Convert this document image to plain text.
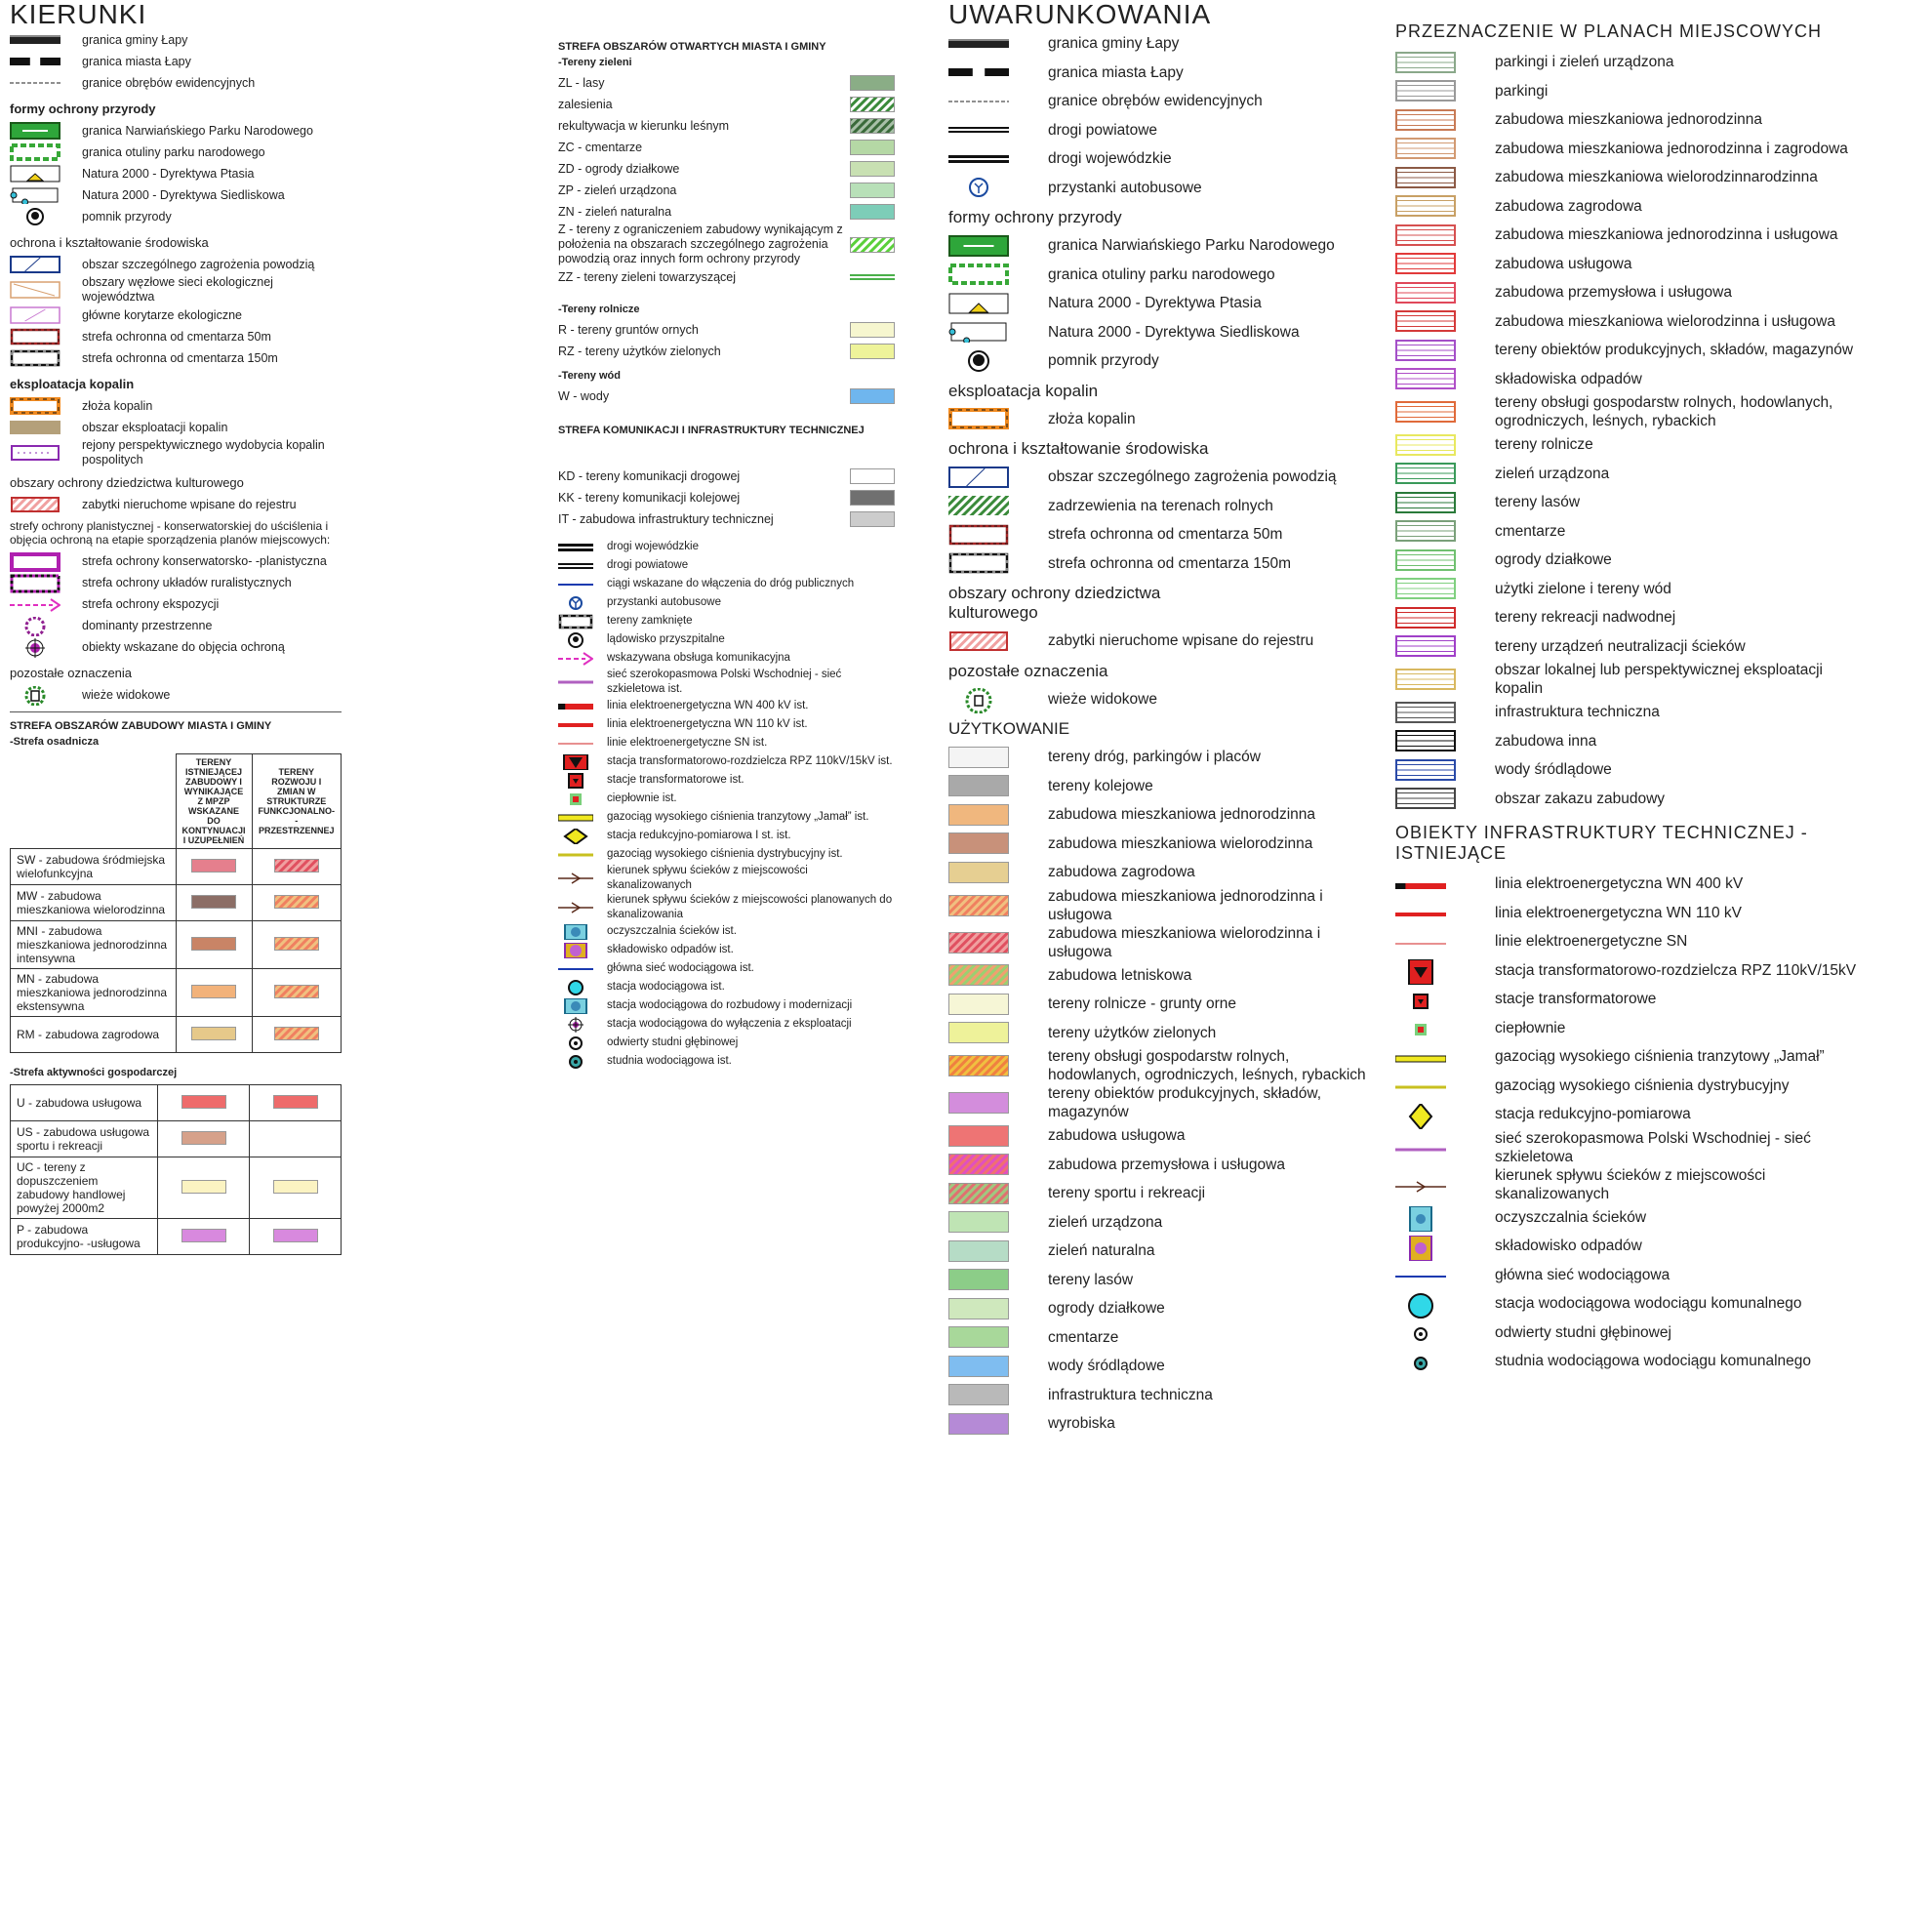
KIERUNKI
granica gminy Łapy
granica miasta Łapy
granice obrębów ewidencyjnych
formy ochrony przyrody
granica Narwiańskiego Parku Narodowego
granica otuliny parku narodowego
Natura 2000 - Dyrektywa Ptasia
Natura 2000 - Dyrektywa Siedliskowa
pomnik przyrody
ochrona i kształtowanie środowiska
obszar szczególnego zagrożenia powodzią
obszary węzłowe sieci ekologicznej województwa
główne korytarze ekologiczne
strefa ochronna od cmentarza 50m
strefa ochronna od cmentarza 150m
eksploatacja kopalin
złoża kopalin
obszar eksploatacji kopalin
rejony perspektywicznego wydobycia kopalin pospolitych
obszary ochrony dziedzictwa kulturowego
zabytki nieruchome wpisane do rejestru
strefy ochrony planistycznej - konserwatorskiej do uściślenia i objęcia ochroną na etapie sporządzenia planów miejscowych:
strefa ochrony konserwatorsko- -planistyczna
strefa ochrony układów ruralistycznych
strefa ochrony ekspozycji
dominanty przestrzenne
obiekty wskazane do objęcia ochroną
pozostałe oznaczenia
wieże widokowe
STREFA OBSZARÓW ZABUDOWY MIASTA I GMINY
-Strefa osadnicza
	TERENY ISTNIEJĄCEJ ZABUDOWY I WYNIKAJĄCE Z MPZP WSKAZANE DO KONTYNUACJI I UZUPEŁNIEŃ	TERENY ROZWOJU I ZMIAN W STRUKTURZE FUNKCJONALNO- -PRZESTRZENNEJ
SW - zabudowa śródmiejska wielofunkcyjna		
MW - zabudowa mieszkaniowa wielorodzinna		
MNI - zabudowa mieszkaniowa jednorodzinna intensywna		
MN - zabudowa mieszkaniowa jednorodzinna ekstensywna		
RM - zabudowa zagrodowa		
-Strefa aktywności gospodarczej
U - zabudowa usługowa		
US - zabudowa usługowa sportu i rekreacji		
UC - tereny z dopuszczeniem zabudowy handlowej powyżej 2000m2		
P - zabudowa produkcyjno- -usługowa		
STREFA OBSZARÓW OTWARTYCH MIASTA I GMINY
-Tereny zieleni
ZL - lasy
zalesienia
rekultywacja w kierunku leśnym
ZC - cmentarze
ZD - ogrody działkowe
ZP - zieleń urządzona
ZN - zieleń naturalna
Z - tereny z ograniczeniem zabudowy wynikającym z położenia na obszarach szczególnego zagrożenia powodzią oraz innych form ochrony przyrody
ZZ - tereny zieleni towarzyszącej
-Tereny rolnicze
R - tereny gruntów ornych
RZ - tereny użytków zielonych
-Tereny wód
W - wody
STREFA KOMUNIKACJI I INFRASTRUKTURY TECHNICZNEJ
KD - tereny komunikacji drogowej
KK - tereny komunikacji kolejowej
IT - zabudowa infrastruktury technicznej
drogi wojewódzkie
drogi powiatowe
ciągi wskazane do włączenia do dróg publicznych
przystanki autobusowe
tereny zamknięte
lądowisko przyszpitalne
wskazywana obsługa komunikacyjna
sieć szerokopasmowa Polski Wschodniej - sieć szkieletowa ist.
linia elektroenergetyczna WN 400 kV ist.
linia elektroenergetyczna WN 110 kV ist.
linie elektroenergetyczne SN ist.
stacja transformatorowo-rozdzielcza RPZ 110kV/15kV ist.
stacje transformatorowe ist.
ciepłownie ist.
gazociąg wysokiego ciśnienia tranzytowy „Jamał” ist.
stacja redukcyjno-pomiarowa I st. ist.
gazociąg wysokiego ciśnienia dystrybucyjny ist.
kierunek spływu ścieków z miejscowości skanalizowanych
kierunek spływu ścieków z miejscowości planowanych do skanalizowania
oczyszczalnia ścieków ist.
składowisko odpadów ist.
główna sieć wodociągowa ist.
stacja wodociągowa ist.
stacja wodociągowa do rozbudowy i modernizacji
stacja wodociągowa do wyłączenia z eksploatacji
odwierty studni głębinowej
studnia wodociągowa ist.
UWARUNKOWANIA
granica gminy Łapy
granica miasta Łapy
granice obrębów ewidencyjnych
drogi powiatowe
drogi wojewódzkie
przystanki autobusowe
formy ochrony przyrody
granica Narwiańskiego Parku Narodowego
granica otuliny parku narodowego
Natura 2000 - Dyrektywa Ptasia
Natura 2000 - Dyrektywa Siedliskowa
pomnik przyrody
eksploatacja kopalin
złoża kopalin
ochrona i kształtowanie środowiska
obszar szczególnego zagrożenia powodzią
zadrzewienia na terenach rolnych
strefa ochronna od cmentarza 50m
strefa ochronna od cmentarza 150m
obszary ochrony dziedzictwa kulturowego
zabytki nieruchome wpisane do rejestru
pozostałe oznaczenia
wieże widokowe
UŻYTKOWANIE
tereny dróg, parkingów i placów
tereny kolejowe
zabudowa mieszkaniowa jednorodzinna
zabudowa mieszkaniowa wielorodzinna
zabudowa zagrodowa
zabudowa mieszkaniowa jednorodzinna i usługowa
zabudowa mieszkaniowa wielorodzinna i usługowa
zabudowa letniskowa
tereny rolnicze - grunty orne
tereny użytków zielonych
tereny obsługi gospodarstw rolnych, hodowlanych, ogrodniczych, leśnych, rybackich
tereny obiektów produkcyjnych, składów, magazynów
zabudowa usługowa
zabudowa przemysłowa i usługowa
tereny sportu i rekreacji
zieleń urządzona
zieleń naturalna
tereny lasów
ogrody działkowe
cmentarze
wody śródlądowe
infrastruktura techniczna
wyrobiska
PRZEZNACZENIE W PLANACH MIEJSCOWYCH
parkingi i zieleń urządzona
parkingi
zabudowa mieszkaniowa jednorodzinna
zabudowa mieszkaniowa jednorodzinna i zagrodowa
zabudowa mieszkaniowa wielorodzinnarodzinna
zabudowa zagrodowa
zabudowa mieszkaniowa jednorodzinna i usługowa
zabudowa usługowa
zabudowa przemysłowa i usługowa
zabudowa mieszkaniowa wielorodzinna i usługowa
tereny obiektów produkcyjnych, składów, magazynów
składowiska odpadów
tereny obsługi gospodarstw rolnych, hodowlanych, ogrodniczych, leśnych, rybackich
tereny rolnicze
zieleń urządzona
tereny lasów
cmentarze
ogrody działkowe
użytki zielone i tereny wód
tereny rekreacji nadwodnej
tereny urządzeń neutralizacji ścieków
obszar lokalnej lub perspektywicznej eksploatacji kopalin
infrastruktura techniczna
zabudowa inna
wody śródlądowe
obszar zakazu zabudowy
OBIEKTY INFRASTRUKTURY TECHNICZNEJ - ISTNIEJĄCE
linia elektroenergetyczna WN 400 kV
linia elektroenergetyczna WN 110 kV
linie elektroenergetyczne SN
stacja transformatorowo-rozdzielcza RPZ 110kV/15kV
stacje transformatorowe
ciepłownie
gazociąg wysokiego ciśnienia tranzytowy „Jamał”
gazociąg wysokiego ciśnienia dystrybucyjny
stacja redukcyjno-pomiarowa
sieć szerokopasmowa Polski Wschodniej - sieć szkieletowa
kierunek spływu ścieków z miejscowości skanalizowanych
oczyszczalnia ścieków
składowisko odpadów
główna sieć wodociągowa
stacja wodociągowa wodociągu komunalnego
odwierty studni głębinowej
studnia wodociągowa wodociągu komunalnego
